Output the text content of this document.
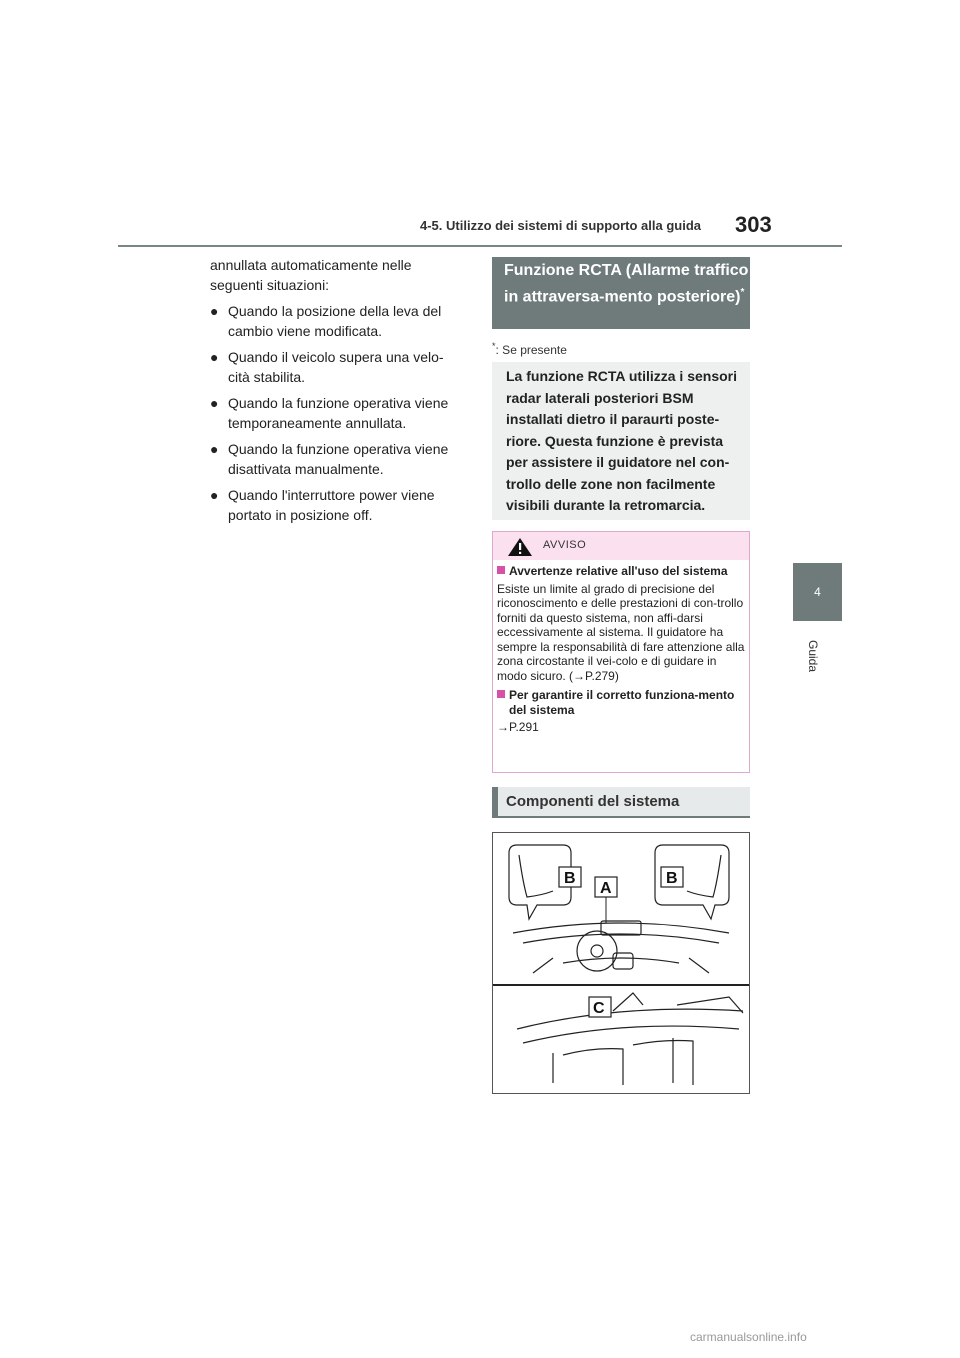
4-5. Utilizzo dei sistemi di supporto alla guida 303
4
Guida

annullata automaticamente nelle seguenti situazioni:

● Quando la posizione della leva del cambio viene modificata.
● Quando il veicolo supera una velo-cità stabilita.
● Quando la funzione operativa viene temporaneamente annullata.
● Quando la funzione operativa viene disattivata manualmente.
● Quando l'interruttore power viene portato in posizione off.
Funzione RCTA (Allarme traffico in attraversa-mento posteriore)*
*: Se presente
La funzione RCTA utilizza i sensori radar laterali posteriori BSM installati dietro il paraurti poste-riore. Questa funzione è prevista per assistere il guidatore nel con-trollo delle zone non facilmente visibili durante la retromarcia.
AVVISO
Avvertenze relative all'uso del sistema

Esiste un limite al grado di precisione del riconoscimento e delle prestazioni di con-trollo forniti da questo sistema, non affi-darsi eccessivamente al sistema. Il guidatore ha sempre la responsabilità di fare attenzione alla zona circostante il vei-colo e di guidare in modo sicuro. (→P.279)

Per garantire il corretto funziona-mento del sistema

→P.291

Componenti del sistema
B	B
A
C
carmanualsonline.info
